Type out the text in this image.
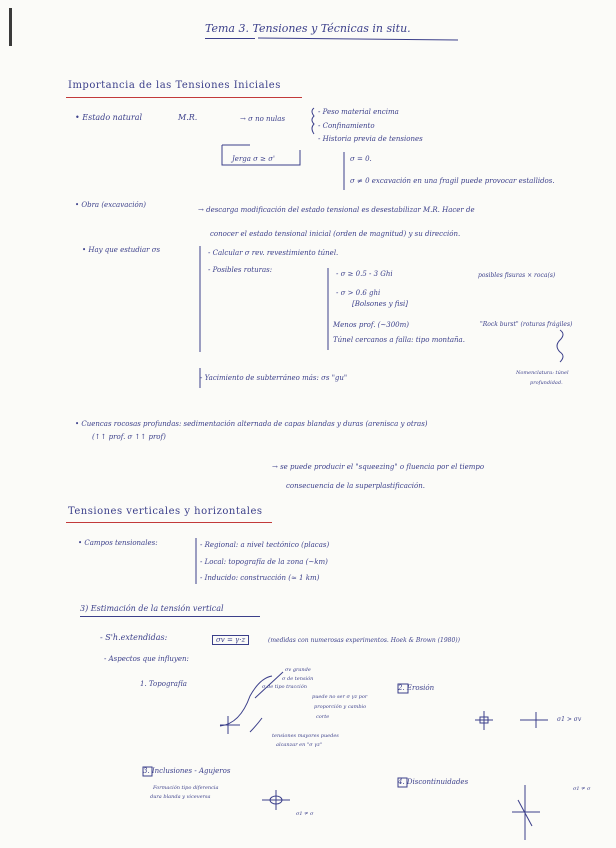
Tema 3. Tensiones y Técnicas in situ.
Importancia de las Tensiones Iniciales
• Estado natural	M.R.	→ σ no nulas
- Peso material encima
- Confinamiento
- Historia previa de tensiones
Jerga σ ≥ σ'	σ = 0.
σ ≠ 0 excavación en una fragil puede provocar estallidos.
• Obra (excavación)
→ descarga modificación del estado tensional es desestabilizar M.R. Hacer de
conocer el estado tensional inicial (orden de magnitud) y su dirección.
• Hay que estudiar σs	- Calcular σ rev. revestimiento túnel.
- Posibles roturas:	- σ ≥ 0.5 - 3 Ghi	posibles fisuras × roca(s)
- σ > 0.6 ghi
[Bolsones y fisi]
Menos prof. (~300m)	"Rock burst" (roturas frágiles)
Túnel cercanos a falla: tipo montaña.
- Yacimiento de subterráneo más: σs "gu"
Nomenclatura: túnel
profundidad.
• Cuencas rocosas profundas: sedimentación alternada de capas blandas y duras (arenisca y otras)
(↑↑ prof. σ ↑↑ prof)
→ se puede producir el "squeezing" o fluencia por el tiempo
consecuencia de la superplastificación.
Tensiones verticales y horizontales
• Campos tensionales:	- Regional: a nivel tectónico (placas)
- Local: topografía de la zona (~km)
- Inducido: construcción (≈ 1 km)
3) Estimación de la tensión vertical
- S'h.extendidas:	σv = γ·z	(medidas con numerosas experimentos. Hoek & Brown (1980))
- Aspectos que influyen:
1. Topografía
σv grande
σ de tensión
σ de tipo tracción
puede no ser σ γz por
proporción y cambio
corte
tensiones mayores puedes
alcanzar en "σ γz"
2. Erosión
σ1 > σv
3. Inclusiones - Agujeros
Formación tipo diferencia
dura blanda y viceversa
σ1 ≠ σ
4. Discontinuidades
σ1 ≠ σ
